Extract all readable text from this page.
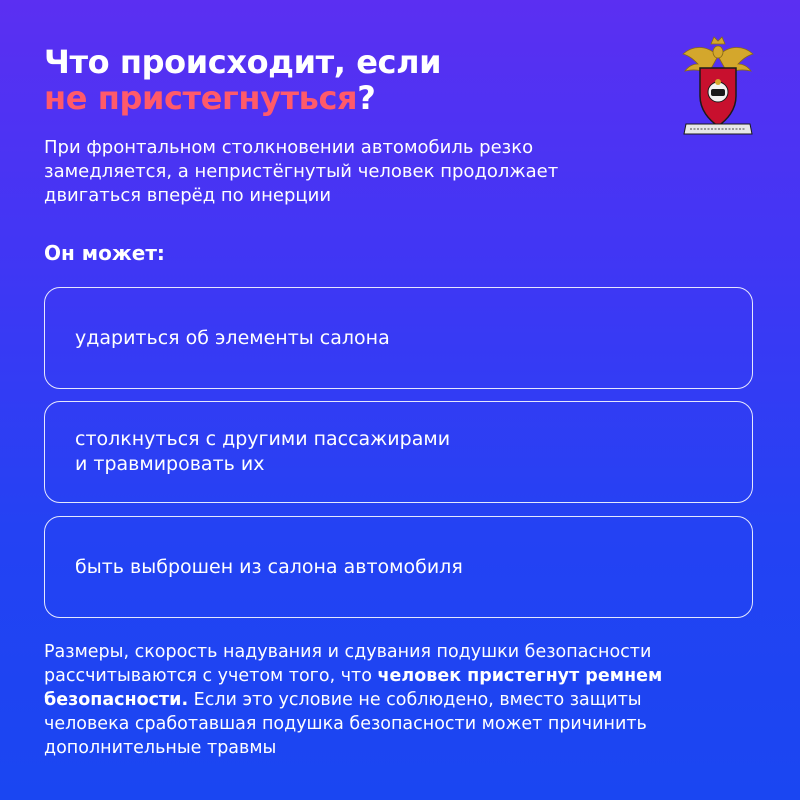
Что происходит, если
не пристегнуться?
При фронтальном столкновении автомобиль резко замедляется, а непристёгнутый человек продолжает двигаться вперёд по инерции
Он может:
удариться об элементы салона
столкнуться с другими пассажирами
и травмировать их
быть выброшен из салона автомобиля
Размеры, скорость надувания и сдувания подушки безопасности рассчитываются с учетом того, что человек пристегнут ремнем безопасности. Если это условие не соблюдено, вместо защиты человека сработавшая подушка безопасности может причинить дополнительные травмы
